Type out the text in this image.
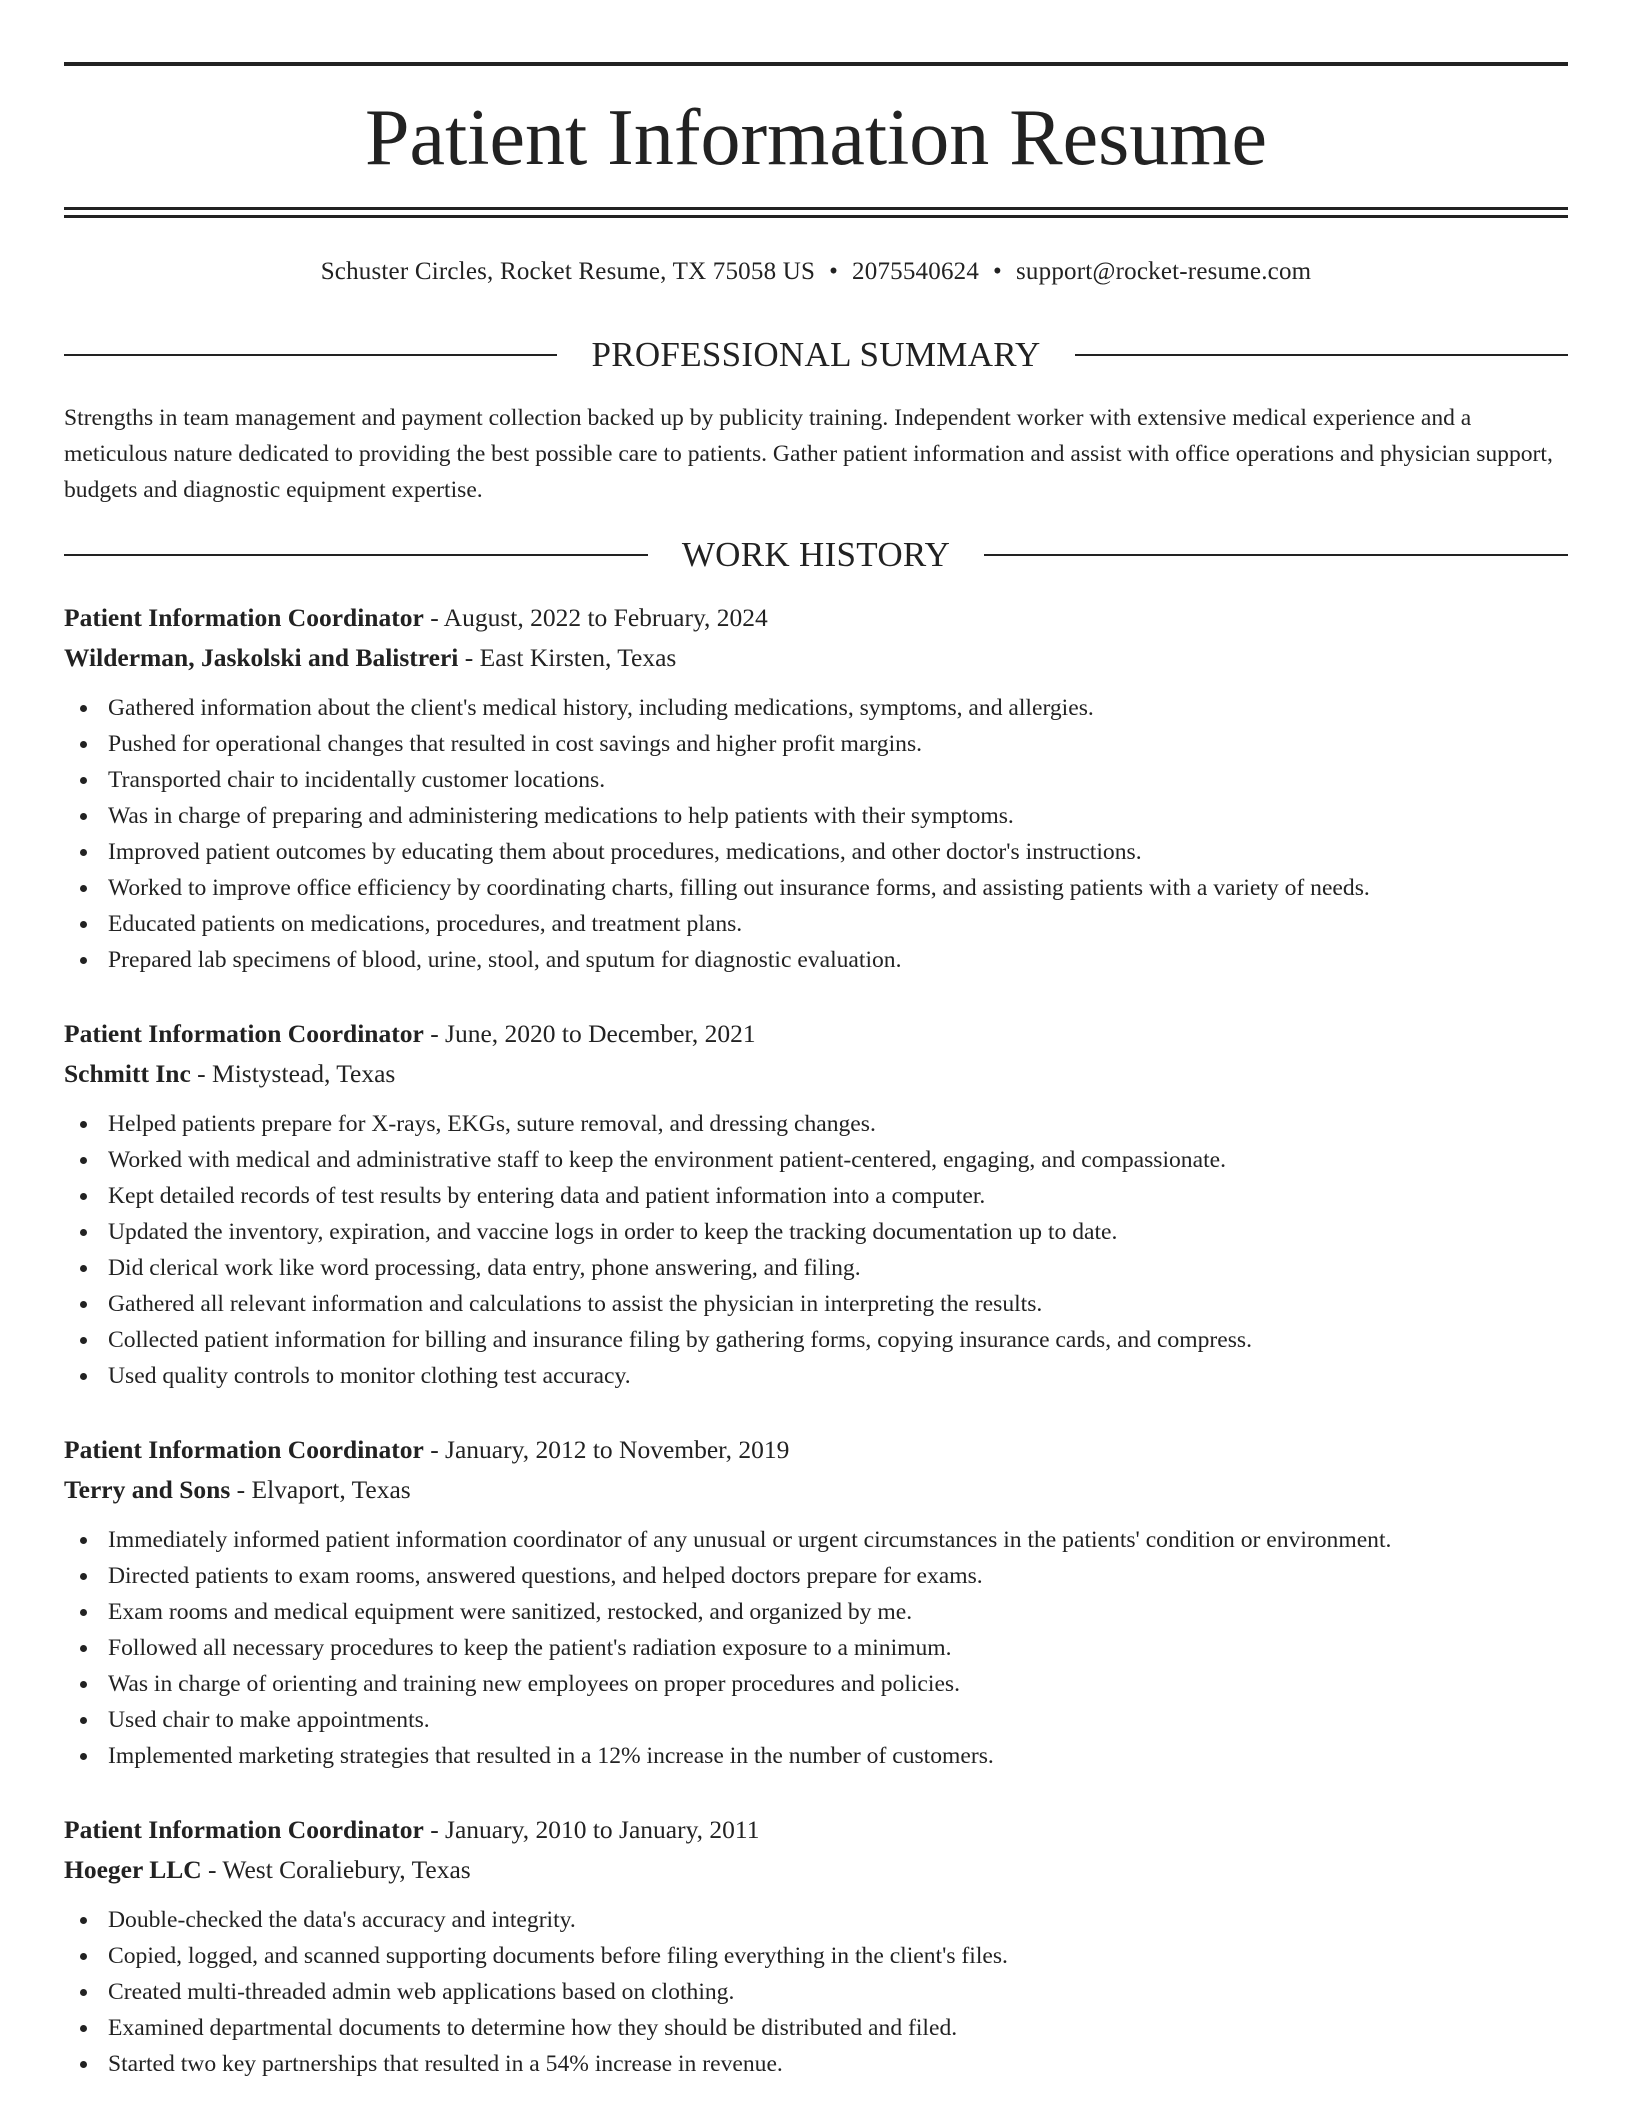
Patient Information Resume
Schuster Circles, Rocket Resume, TX 75058 US • 2075540624 • support@rocket-resume.com
PROFESSIONAL SUMMARY

Strengths in team management and payment collection backed up by publicity training. Independent worker with extensive medical experience and a meticulous nature dedicated to providing the best possible care to patients. Gather patient information and assist with office operations and physician support, budgets and diagnostic equipment expertise.

WORK HISTORY

Patient Information Coordinator - August, 2022 to February, 2024

Wilderman, Jaskolski and Balistreri - East Kirsten, Texas

Gathered information about the client's medical history, including medications, symptoms, and allergies.
Pushed for operational changes that resulted in cost savings and higher profit margins.
Transported chair to incidentally customer locations.
Was in charge of preparing and administering medications to help patients with their symptoms.
Improved patient outcomes by educating them about procedures, medications, and other doctor's instructions.
Worked to improve office efficiency by coordinating charts, filling out insurance forms, and assisting patients with a variety of needs.
Educated patients on medications, procedures, and treatment plans.
Prepared lab specimens of blood, urine, stool, and sputum for diagnostic evaluation.

Patient Information Coordinator - June, 2020 to December, 2021

Schmitt Inc - Mistystead, Texas

Helped patients prepare for X-rays, EKGs, suture removal, and dressing changes.
Worked with medical and administrative staff to keep the environment patient-centered, engaging, and compassionate.
Kept detailed records of test results by entering data and patient information into a computer.
Updated the inventory, expiration, and vaccine logs in order to keep the tracking documentation up to date.
Did clerical work like word processing, data entry, phone answering, and filing.
Gathered all relevant information and calculations to assist the physician in interpreting the results.
Collected patient information for billing and insurance filing by gathering forms, copying insurance cards, and compress.
Used quality controls to monitor clothing test accuracy.

Patient Information Coordinator - January, 2012 to November, 2019

Terry and Sons - Elvaport, Texas

Immediately informed patient information coordinator of any unusual or urgent circumstances in the patients' condition or environment.
Directed patients to exam rooms, answered questions, and helped doctors prepare for exams.
Exam rooms and medical equipment were sanitized, restocked, and organized by me.
Followed all necessary procedures to keep the patient's radiation exposure to a minimum.
Was in charge of orienting and training new employees on proper procedures and policies.
Used chair to make appointments.
Implemented marketing strategies that resulted in a 12% increase in the number of customers.

Patient Information Coordinator - January, 2010 to January, 2011

Hoeger LLC - West Coraliebury, Texas

Double-checked the data's accuracy and integrity.
Copied, logged, and scanned supporting documents before filing everything in the client's files.
Created multi-threaded admin web applications based on clothing.
Examined departmental documents to determine how they should be distributed and filed.
Started two key partnerships that resulted in a 54% increase in revenue.
